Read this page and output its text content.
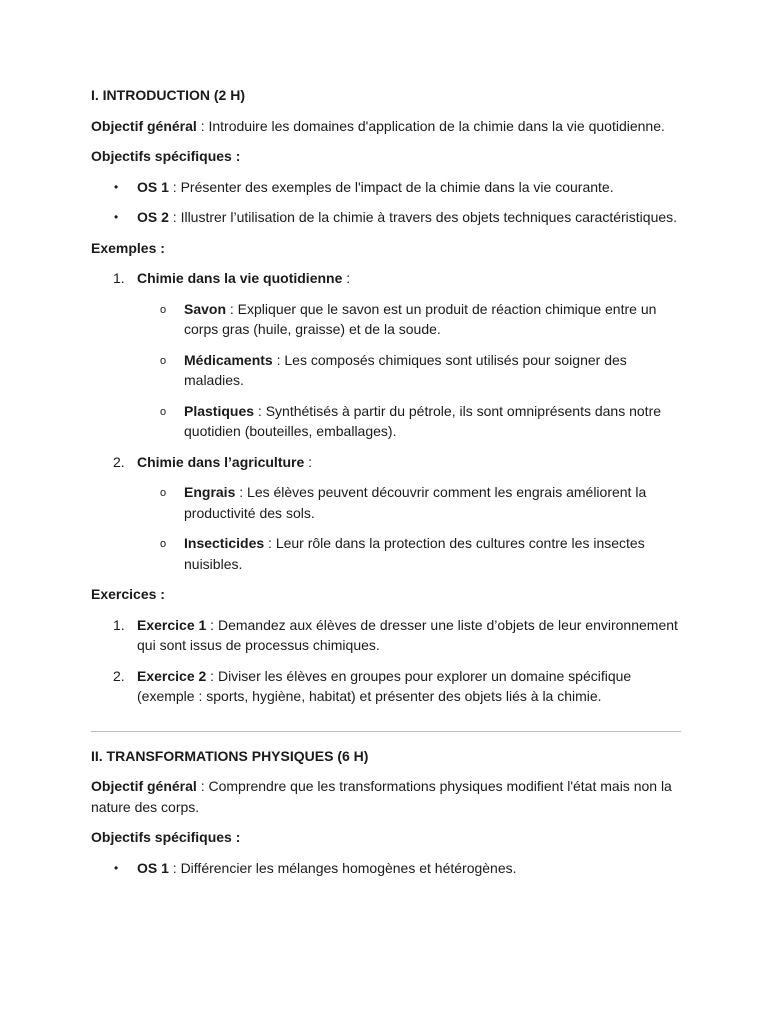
I. INTRODUCTION (2 H)

Objectif général : Introduire les domaines d'application de la chimie dans la vie quotidienne.

Objectifs spécifiques :

• OS 1 : Présenter des exemples de l'impact de la chimie dans la vie courante.
• OS 2 : Illustrer l’utilisation de la chimie à travers des objets techniques caractéristiques.

Exemples :

1. Chimie dans la vie quotidienne :
o Savon : Expliquer que le savon est un produit de réaction chimique entre un corps gras (huile, graisse) et de la soude.
o Médicaments : Les composés chimiques sont utilisés pour soigner des maladies.
o Plastiques : Synthétisés à partir du pétrole, ils sont omniprésents dans notre quotidien (bouteilles, emballages).
2. Chimie dans l’agriculture :
o Engrais : Les élèves peuvent découvrir comment les engrais améliorent la productivité des sols.
o Insecticides : Leur rôle dans la protection des cultures contre les insectes nuisibles.

Exercices :

1. Exercice 1 : Demandez aux élèves de dresser une liste d’objets de leur environnement qui sont issus de processus chimiques.
2. Exercice 2 : Diviser les élèves en groupes pour explorer un domaine spécifique (exemple : sports, hygiène, habitat) et présenter des objets liés à la chimie.

II. TRANSFORMATIONS PHYSIQUES (6 H)

Objectif général : Comprendre que les transformations physiques modifient l'état mais non la nature des corps.

Objectifs spécifiques :

• OS 1 : Différencier les mélanges homogènes et hétérogènes.
